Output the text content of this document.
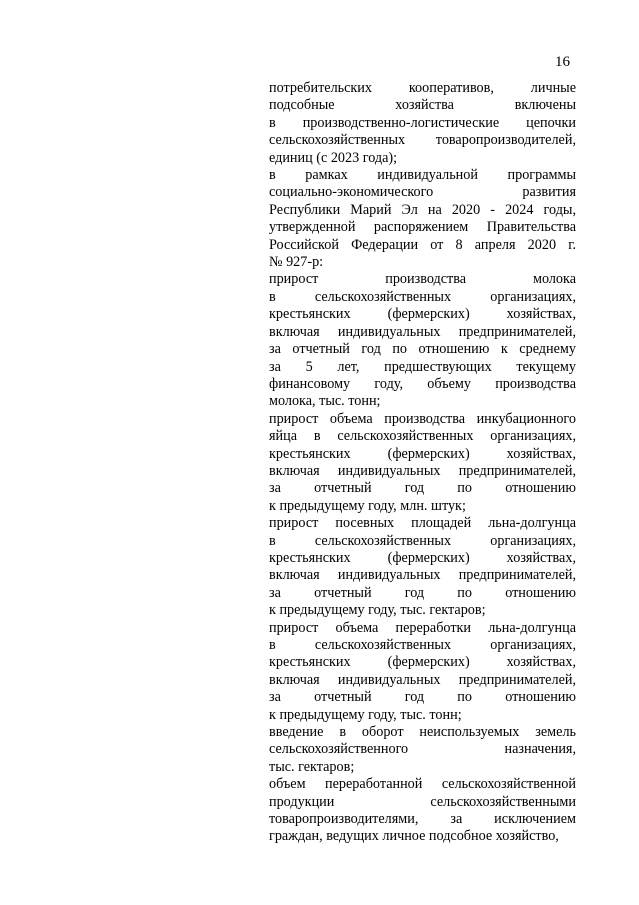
16
потребительских кооперативов, личные
подсобные хозяйства включены
в производственно-логистические цепочки
сельскохозяйственных товаропроизводителей,
единиц (с 2023 года);
в рамках индивидуальной программы
социально-экономического развития
Республики Марий Эл на 2020 - 2024 годы,
утвержденной распоряжением Правительства
Российской Федерации от 8 апреля 2020 г.
№ 927-р:
прирост производства молока
в сельскохозяйственных организациях,
крестьянских (фермерских) хозяйствах,
включая индивидуальных предпринимателей,
за отчетный год по отношению к среднему
за 5 лет, предшествующих текущему
финансовому году, объему производства
молока, тыс. тонн;
прирост объема производства инкубационного
яйца в сельскохозяйственных организациях,
крестьянских (фермерских) хозяйствах,
включая индивидуальных предпринимателей,
за отчетный год по отношению
к предыдущему году, млн. штук;
прирост посевных площадей льна-долгунца
в сельскохозяйственных организациях,
крестьянских (фермерских) хозяйствах,
включая индивидуальных предпринимателей,
за отчетный год по отношению
к предыдущему году, тыс. гектаров;
прирост объема переработки льна-долгунца
в сельскохозяйственных организациях,
крестьянских (фермерских) хозяйствах,
включая индивидуальных предпринимателей,
за отчетный год по отношению
к предыдущему году, тыс. тонн;
введение в оборот неиспользуемых земель
сельскохозяйственного назначения,
тыс. гектаров;
объем переработанной сельскохозяйственной
продукции сельскохозяйственными
товаропроизводителями, за исключением
граждан, ведущих личное подсобное хозяйство,
